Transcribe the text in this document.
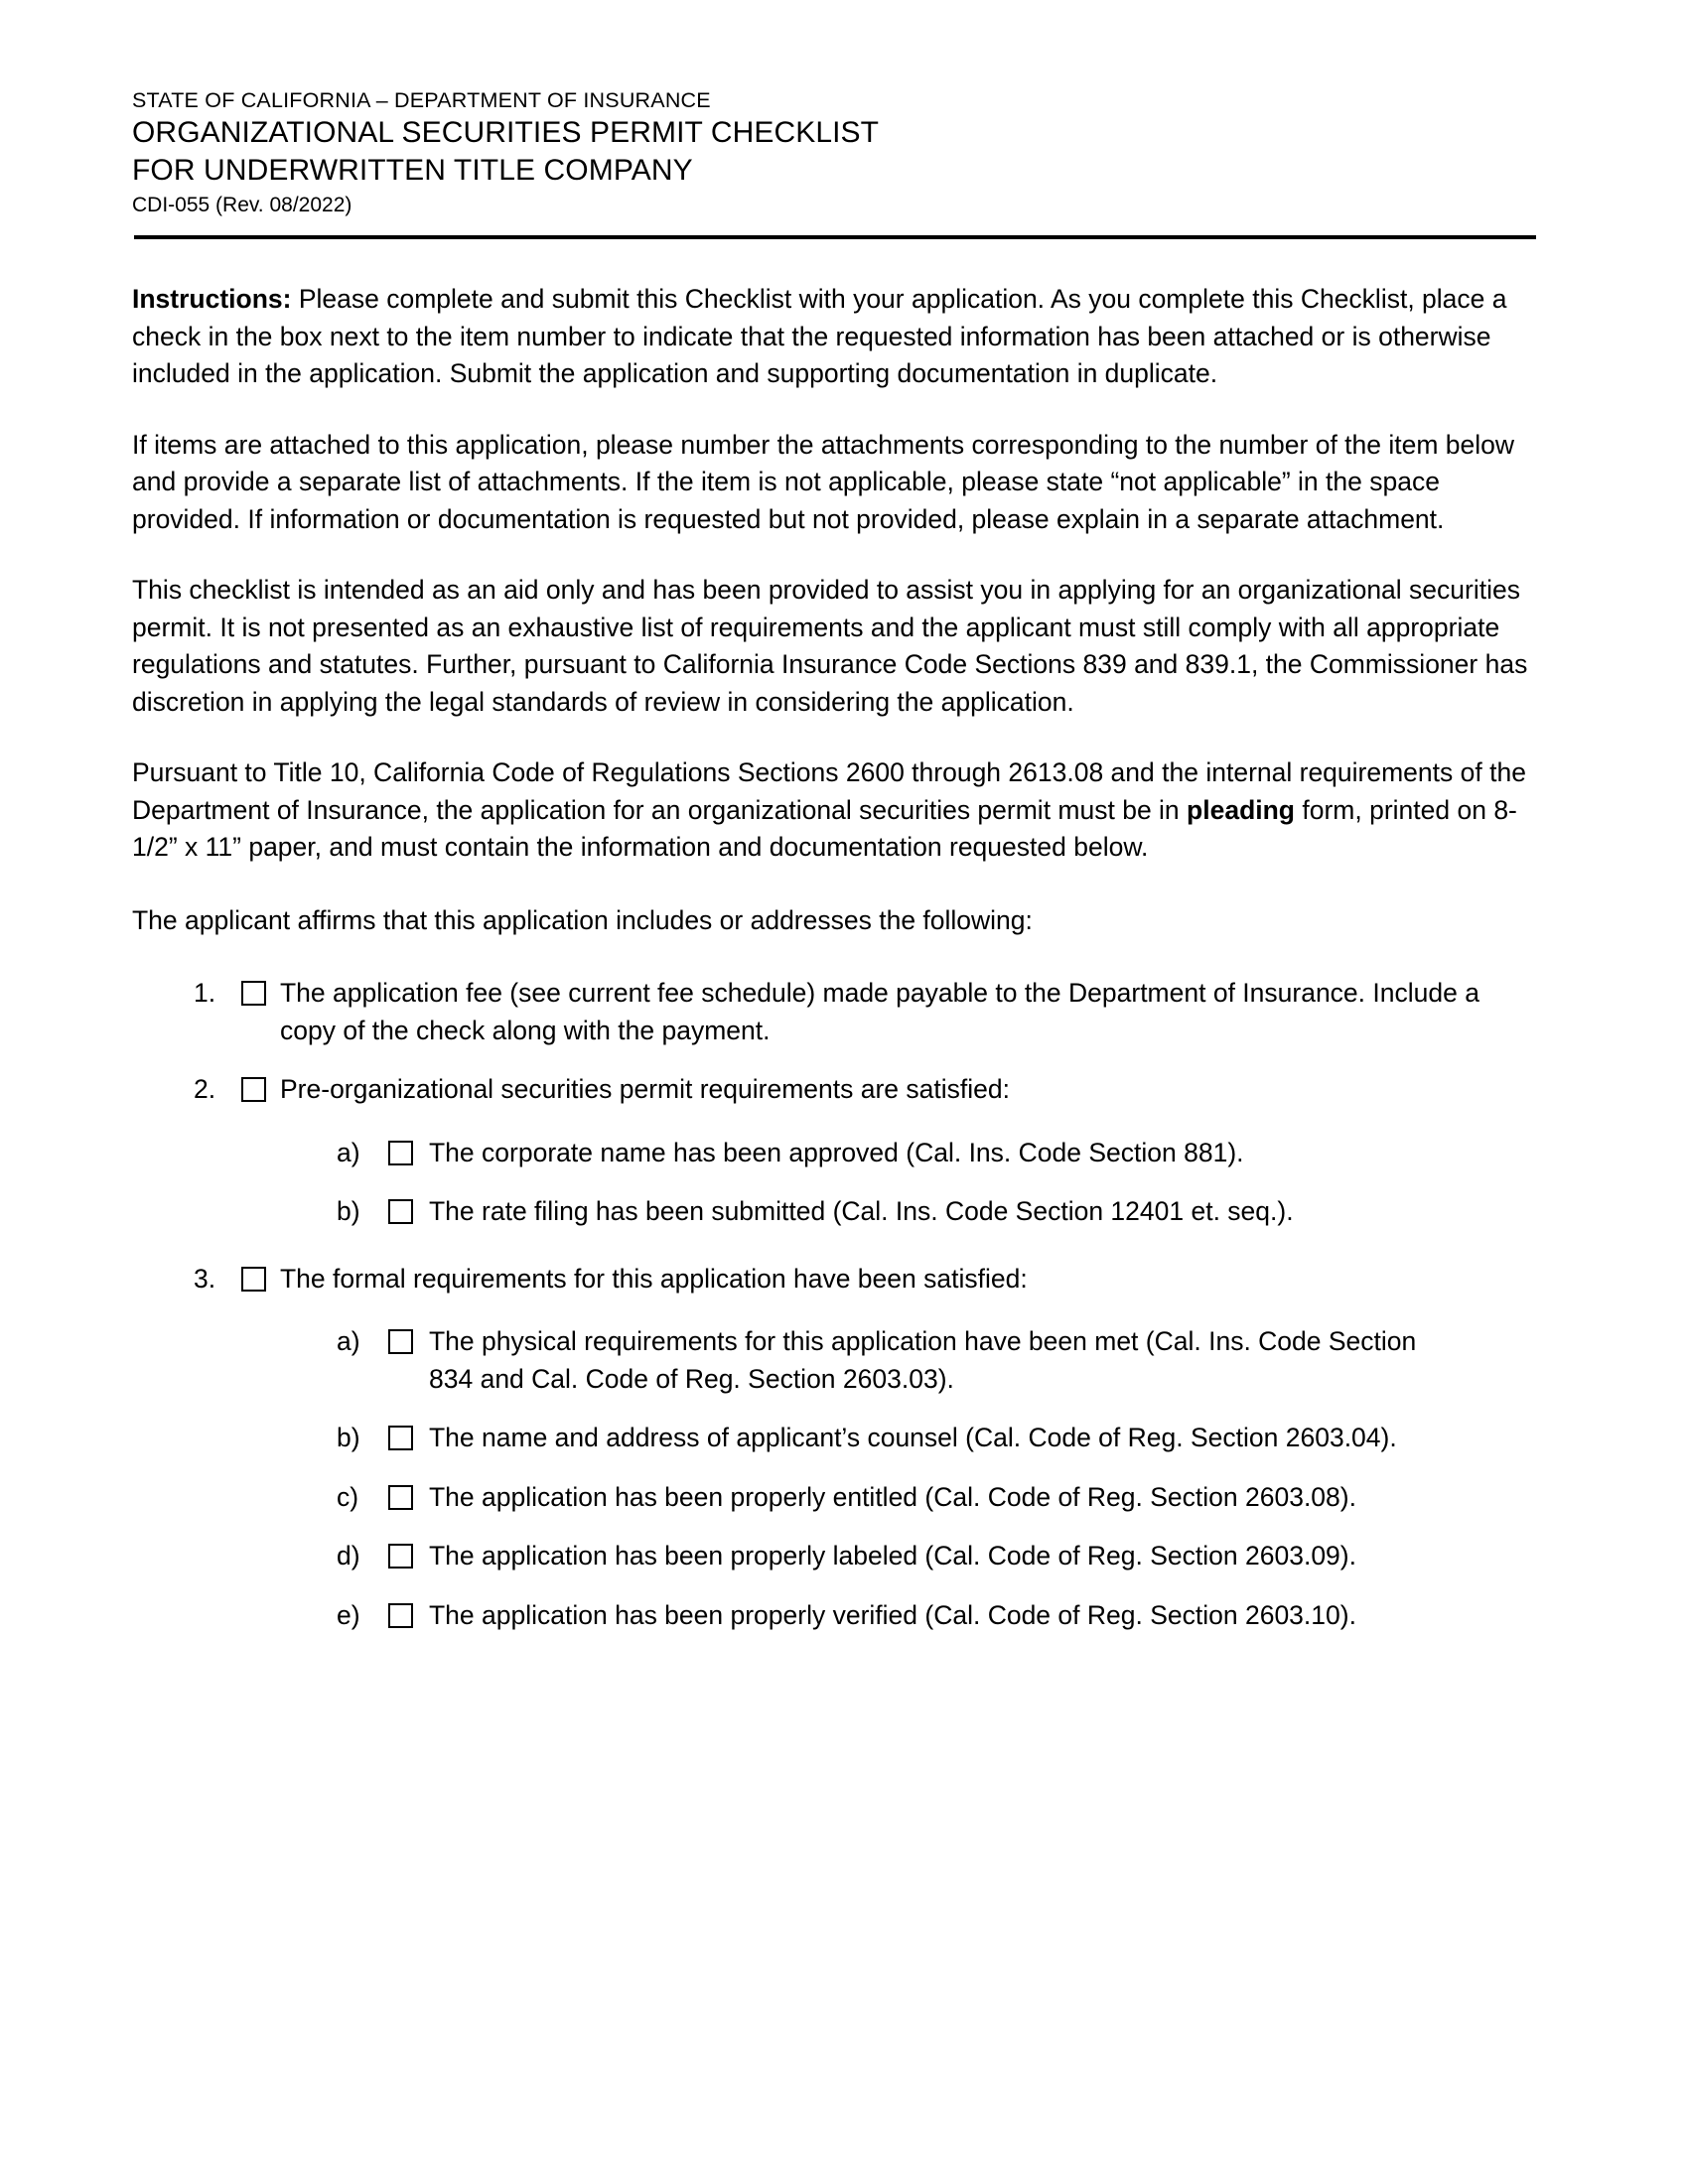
STATE OF CALIFORNIA – DEPARTMENT OF INSURANCE
ORGANIZATIONAL SECURITIES PERMIT CHECKLIST
FOR UNDERWRITTEN TITLE COMPANY
CDI-055 (Rev. 08/2022)

Instructions: Please complete and submit this Checklist with your application. As you complete this Checklist, place a check in the box next to the item number to indicate that the requested information has been attached or is otherwise included in the application. Submit the application and supporting documentation in duplicate.

If items are attached to this application, please number the attachments corresponding to the number of the item below and provide a separate list of attachments. If the item is not applicable, please state “not applicable” in the space provided. If information or documentation is requested but not provided, please explain in a separate attachment.

This checklist is intended as an aid only and has been provided to assist you in applying for an organizational securities permit. It is not presented as an exhaustive list of requirements and the applicant must still comply with all appropriate regulations and statutes. Further, pursuant to California Insurance Code Sections 839 and 839.1, the Commissioner has discretion in applying the legal standards of review in considering the application.

Pursuant to Title 10, California Code of Regulations Sections 2600 through 2613.08 and the internal requirements of the Department of Insurance, the application for an organizational securities permit must be in pleading form, printed on 8-1/2” x 11” paper, and must contain the information and documentation requested below.

The applicant affirms that this application includes or addresses the following:

1.	The application fee (see current fee schedule) made payable to the Department of Insurance. Include a copy of the check along with the payment.
2.	Pre-organizational securities permit requirements are satisfied:
a)	The corporate name has been approved (Cal. Ins. Code Section 881).
b)	The rate filing has been submitted (Cal. Ins. Code Section 12401 et. seq.).
3.	The formal requirements for this application have been satisfied:
a)	The physical requirements for this application have been met (Cal. Ins. Code Section 834 and Cal. Code of Reg. Section 2603.03).
b)	The name and address of applicant’s counsel (Cal. Code of Reg. Section 2603.04).
c)	The application has been properly entitled (Cal. Code of Reg. Section 2603.08).
d)	The application has been properly labeled (Cal. Code of Reg. Section 2603.09).
e)	The application has been properly verified (Cal. Code of Reg. Section 2603.10).
